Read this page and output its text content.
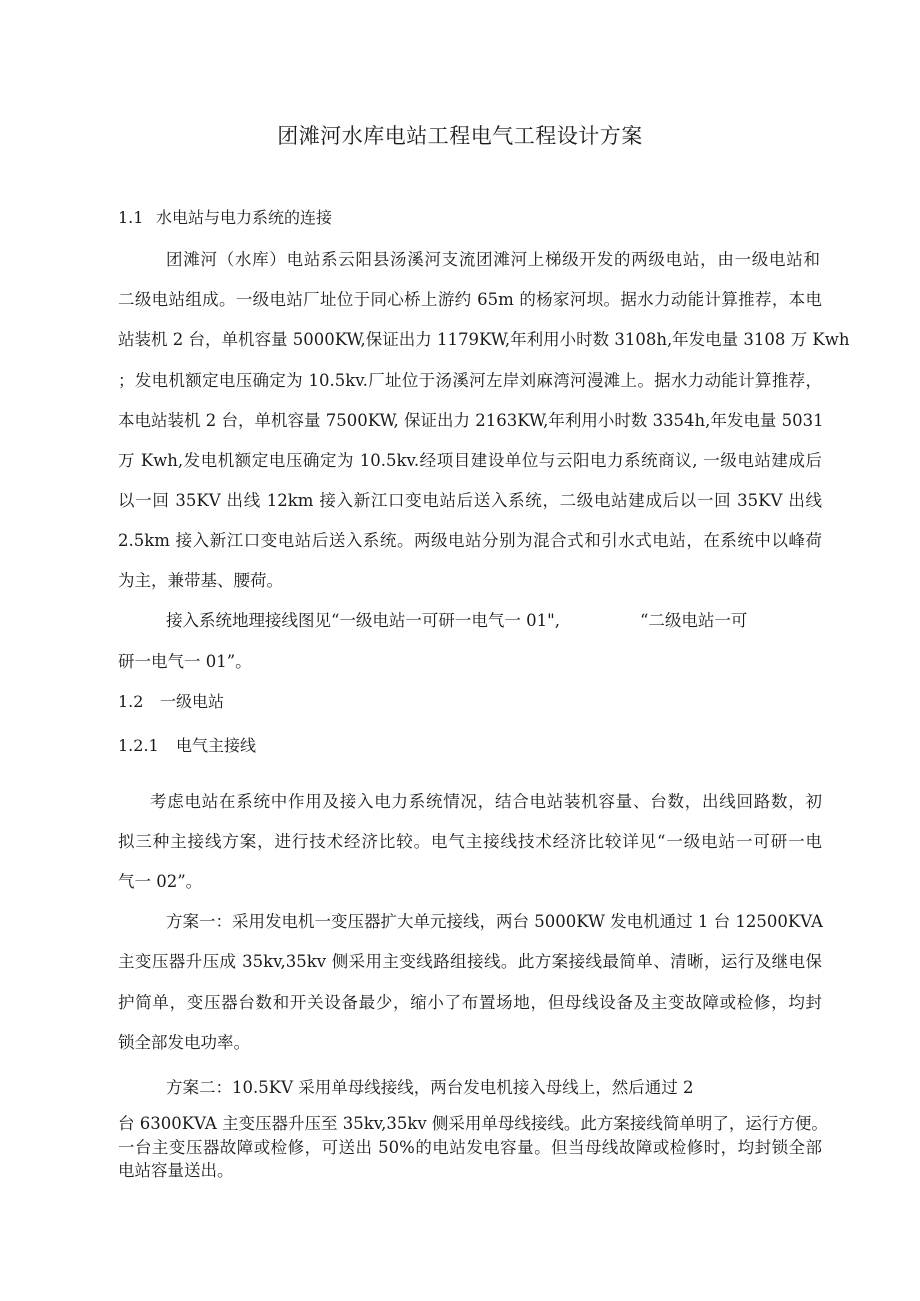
团滩河水库电站工程电气工程设计方案
1.1 水电站与电力系统的连接
团滩河（水库）电站系云阳县汤溪河支流团滩河上梯级开发的两级电站，由一级电站和
二级电站组成。一级电站厂址位于同心桥上游约 65m 的杨家河坝。据水力动能计算推荐，本电
站装机 2 台，单机容量 5000KW,保证出力 1179KW,年利用小时数 3108h,年发电量 3108 万 Kwh
；发电机额定电压确定为 10.5kv.厂址位于汤溪河左岸刘麻湾河漫滩上。据水力动能计算推荐，
本电站装机 2 台，单机容量 7500KW, 保证出力 2163KW,年利用小时数 3354h,年发电量 5031
万 Kwh,发电机额定电压确定为 10.5kv.经项目建设单位与云阳电力系统商议, 一级电站建成后
以一回 35KV 出线 12km 接入新江口变电站后送入系统，二级电站建成后以一回 35KV 出线
2.5km 接入新江口变电站后送入系统。两级电站分别为混合式和引水式电站，在系统中以峰荷
为主，兼带基、腰荷。
接入系统地理接线图见“一级电站一可研一电气一 01",	“二级电站一可
研一电气一 01”。
1.2 一级电站
1.2.1 电气主接线
考虑电站在系统中作用及接入电力系统情况，结合电站装机容量、台数，出线回路数，初
拟三种主接线方案，进行技术经济比较。电气主接线技术经济比较详见“一级电站一可研一电
气一 02”。
方案一：采用发电机一变压器扩大单元接线，两台 5000KW 发电机通过 1 台 12500KVA
主变压器升压成 35kv,35kv 侧采用主变线路组接线。此方案接线最简单、清晰，运行及继电保
护简单，变压器台数和开关设备最少，缩小了布置场地，但母线设备及主变故障或检修，均封
锁全部发电功率。
方案二：10.5KV 采用单母线接线，两台发电机接入母线上，然后通过 2
台 6300KVA 主变压器升压至 35kv,35kv 侧采用单母线接线。此方案接线简单明了，运行方便。
一台主变压器故障或检修，可送出 50%的电站发电容量。但当母线故障或检修时，均封锁全部
电站容量送出。
